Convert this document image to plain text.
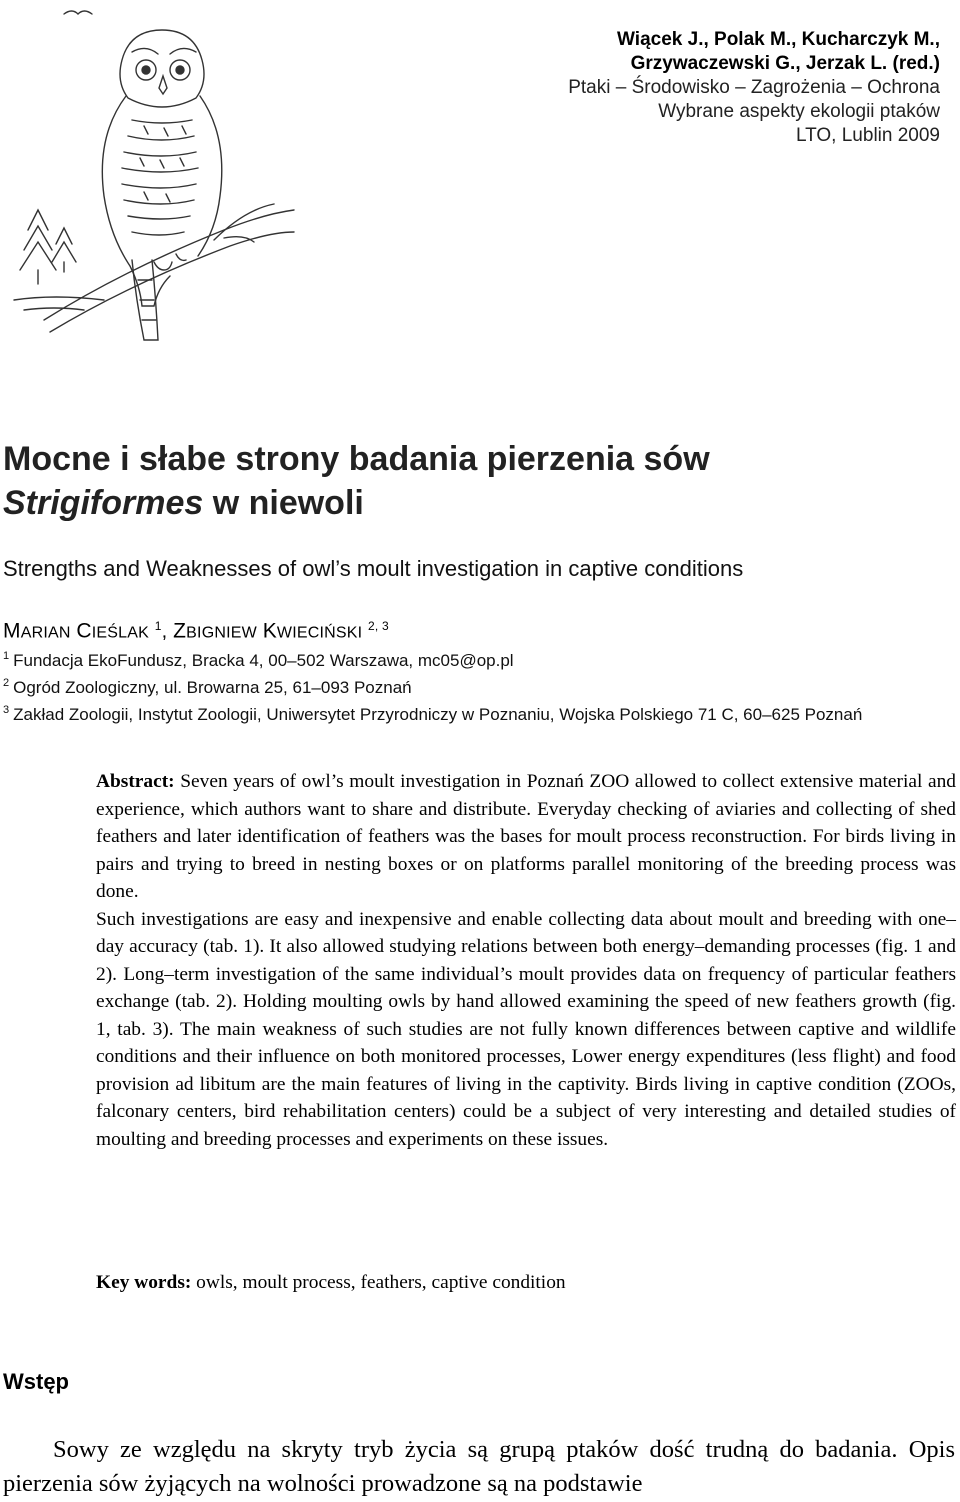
Wiącek J., Polak M., Kucharczyk M.,
Grzywaczewski G., Jerzak L. (red.)
Ptaki – Środowisko – Zagrożenia – Ochrona
Wybrane aspekty ekologii ptaków
LTO, Lublin 2009
Mocne i słabe strony badania pierzenia sów
Strigiformes w niewoli
Strengths and Weaknesses of owl’s moult investigation in captive conditions
MARIAN CIEŚLAK $^1$, ZBIGNIEW KWIECIŃSKI $^{2, 3}$
$^1$ Fundacja EkoFundusz, Bracka 4, 00–502 Warszawa, mc05@op.pl
$^2$ Ogród Zoologiczny, ul. Browarna 25, 61–093 Poznań
$^3$ Zakład Zoologii, Instytut Zoologii, Uniwersytet Przyrodniczy w Poznaniu, Wojska Polskiego 71 C, 60–625 Poznań

Abstract: Seven years of owl’s moult investigation in Poznań ZOO allowed to collect extensive material and experience, which authors want to share and distribute. Everyday checking of aviaries and collecting of shed feathers and later identification of feathers was the bases for moult process reconstruction. For birds living in pairs and trying to breed in nesting boxes or on platforms parallel monitoring of the breeding process was done.

Such investigations are easy and inexpensive and enable collecting data about moult and breeding with one–day accuracy (tab. 1). It also allowed studying relations between both energy–demanding processes (fig. 1 and 2). Long–term investigation of the same individual’s moult provides data on frequency of particular feathers exchange (tab. 2). Holding moulting owls by hand allowed examining the speed of new feathers growth (fig. 1, tab. 3). The main weakness of such studies are not fully known differences between captive and wildlife conditions and their influence on both monitored processes, Lower energy expenditures (less flight) and food provision ad libitum are the main features of living in the captivity. Birds living in captive condition (ZOOs, falconary centers, bird rehabilitation centers) could be a subject of very interesting and detailed studies of moulting and breeding processes and experiments on these issues.

Key words: owls, moult process, feathers, captive condition
Wstęp

Sowy ze względu na skryty tryb życia są grupą ptaków dość trudną do badania. Opis pierzenia sów żyjących na wolności prowadzone są na podstawie
